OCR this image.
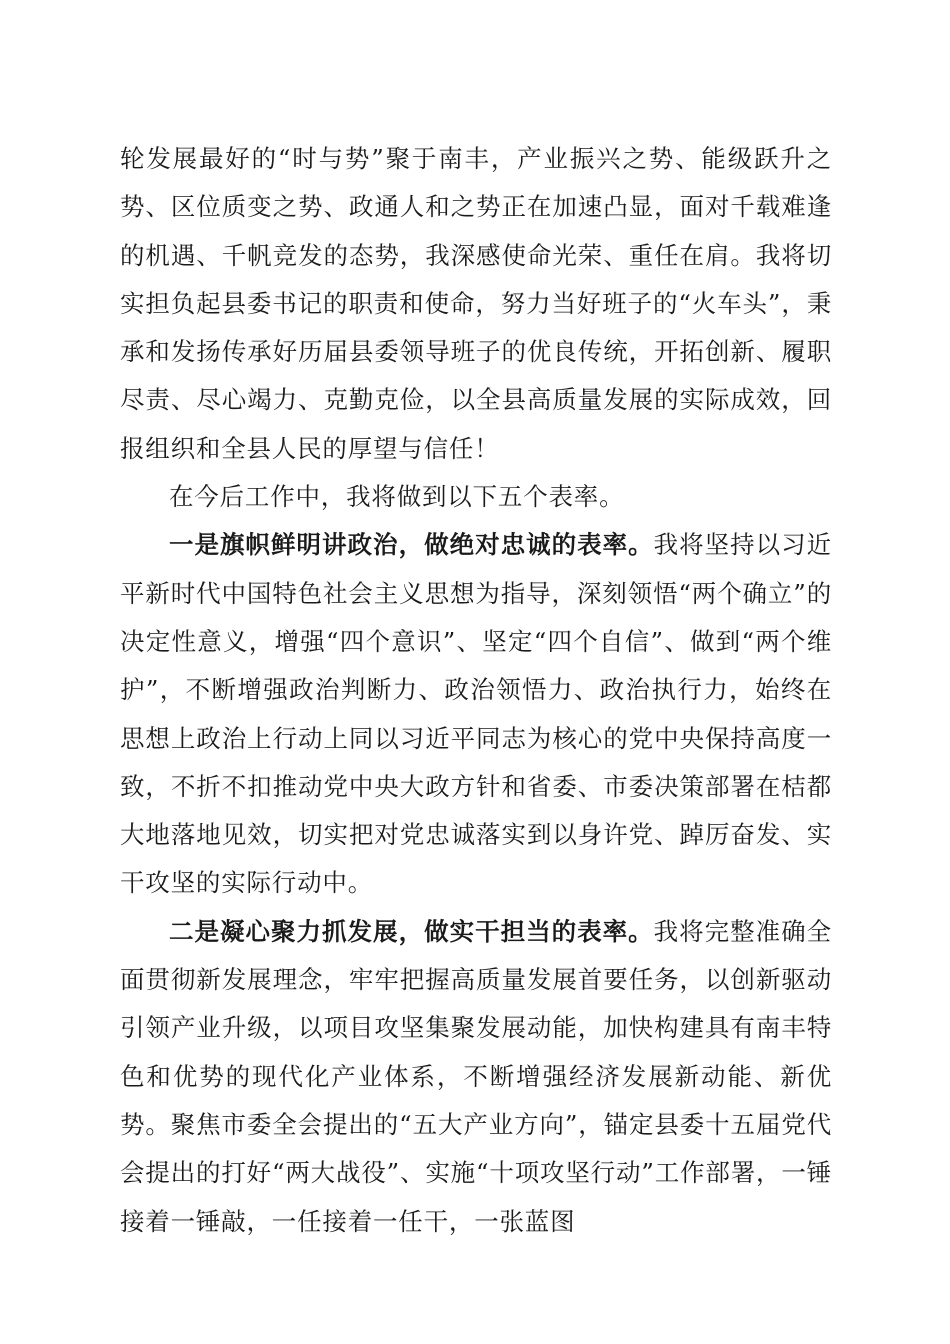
轮发展最好的“时与势”聚于南丰，产业振兴之势、能级跃升之势、区位质变之势、政通人和之势正在加速凸显，面对千载难逢的机遇、千帆竞发的态势，我深感使命光荣、重任在肩。我将切实担负起县委书记的职责和使命，努力当好班子的“火车头”，秉承和发扬传承好历届县委领导班子的优良传统，开拓创新、履职尽责、尽心竭力、克勤克俭，以全县高质量发展的实际成效，回报组织和全县人民的厚望与信任！

在今后工作中，我将做到以下五个表率。

一是旗帜鲜明讲政治，做绝对忠诚的表率。我将坚持以习近平新时代中国特色社会主义思想为指导，深刻领悟“两个确立”的决定性意义，增强“四个意识”、坚定“四个自信”、做到“两个维护”，不断增强政治判断力、政治领悟力、政治执行力，始终在思想上政治上行动上同以习近平同志为核心的党中央保持高度一致，不折不扣推动党中央大政方针和省委、市委决策部署在桔都大地落地见效，切实把对党忠诚落实到以身许党、踔厉奋发、实干攻坚的实际行动中。

二是凝心聚力抓发展，做实干担当的表率。我将完整准确全面贯彻新发展理念，牢牢把握高质量发展首要任务，以创新驱动引领产业升级，以项目攻坚集聚发展动能，加快构建具有南丰特色和优势的现代化产业体系，不断增强经济发展新动能、新优势。聚焦市委全会提出的“五大产业方向”，锚定县委十五届党代会提出的打好“两大战役”、实施“十项攻坚行动”工作部署，一锤接着一锤敲，一任接着一任干，一张蓝图
